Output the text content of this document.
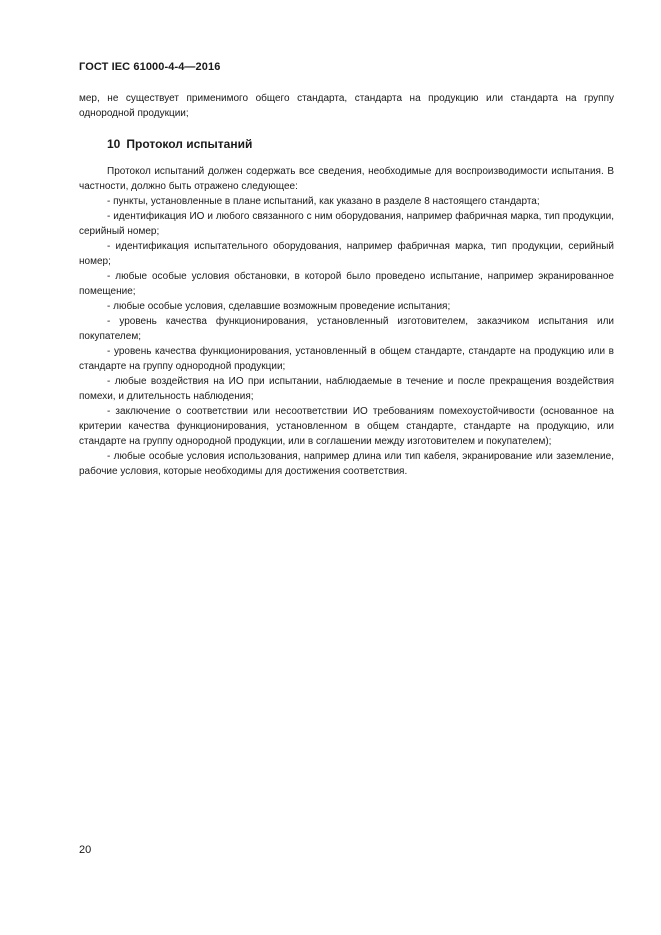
ГОСТ IEC 61000-4-4—2016

мер, не существует применимого общего стандарта, стандарта на продукцию или стандарта на группу однородной продукции;

10 Протокол испытаний

Протокол испытаний должен содержать все сведения, необходимые для воспроизводимости испытания. В частности, должно быть отражено следующее:

- пункты, установленные в плане испытаний, как указано в разделе 8 настоящего стандарта;

- идентификация ИО и любого связанного с ним оборудования, например фабричная марка, тип продукции, серийный номер;

- идентификация испытательного оборудования, например фабричная марка, тип продукции, серийный номер;

- любые особые условия обстановки, в которой было проведено испытание, например экранированное помещение;

- любые особые условия, сделавшие возможным проведение испытания;

- уровень качества функционирования, установленный изготовителем, заказчиком испытания или покупателем;

- уровень качества функционирования, установленный в общем стандарте, стандарте на продукцию или в стандарте на группу однородной продукции;

- любые воздействия на ИО при испытании, наблюдаемые в течение и после прекращения воздействия помехи, и длительность наблюдения;

- заключение о соответствии или несоответствии ИО требованиям помехоустойчивости (основанное на критерии качества функционирования, установленном в общем стандарте, стандарте на продукцию, или стандарте на группу однородной продукции, или в соглашении между изготовителем и покупателем);

- любые особые условия использования, например длина или тип кабеля, экранирование или заземление, рабочие условия, которые необходимы для достижения соответствия.

20
